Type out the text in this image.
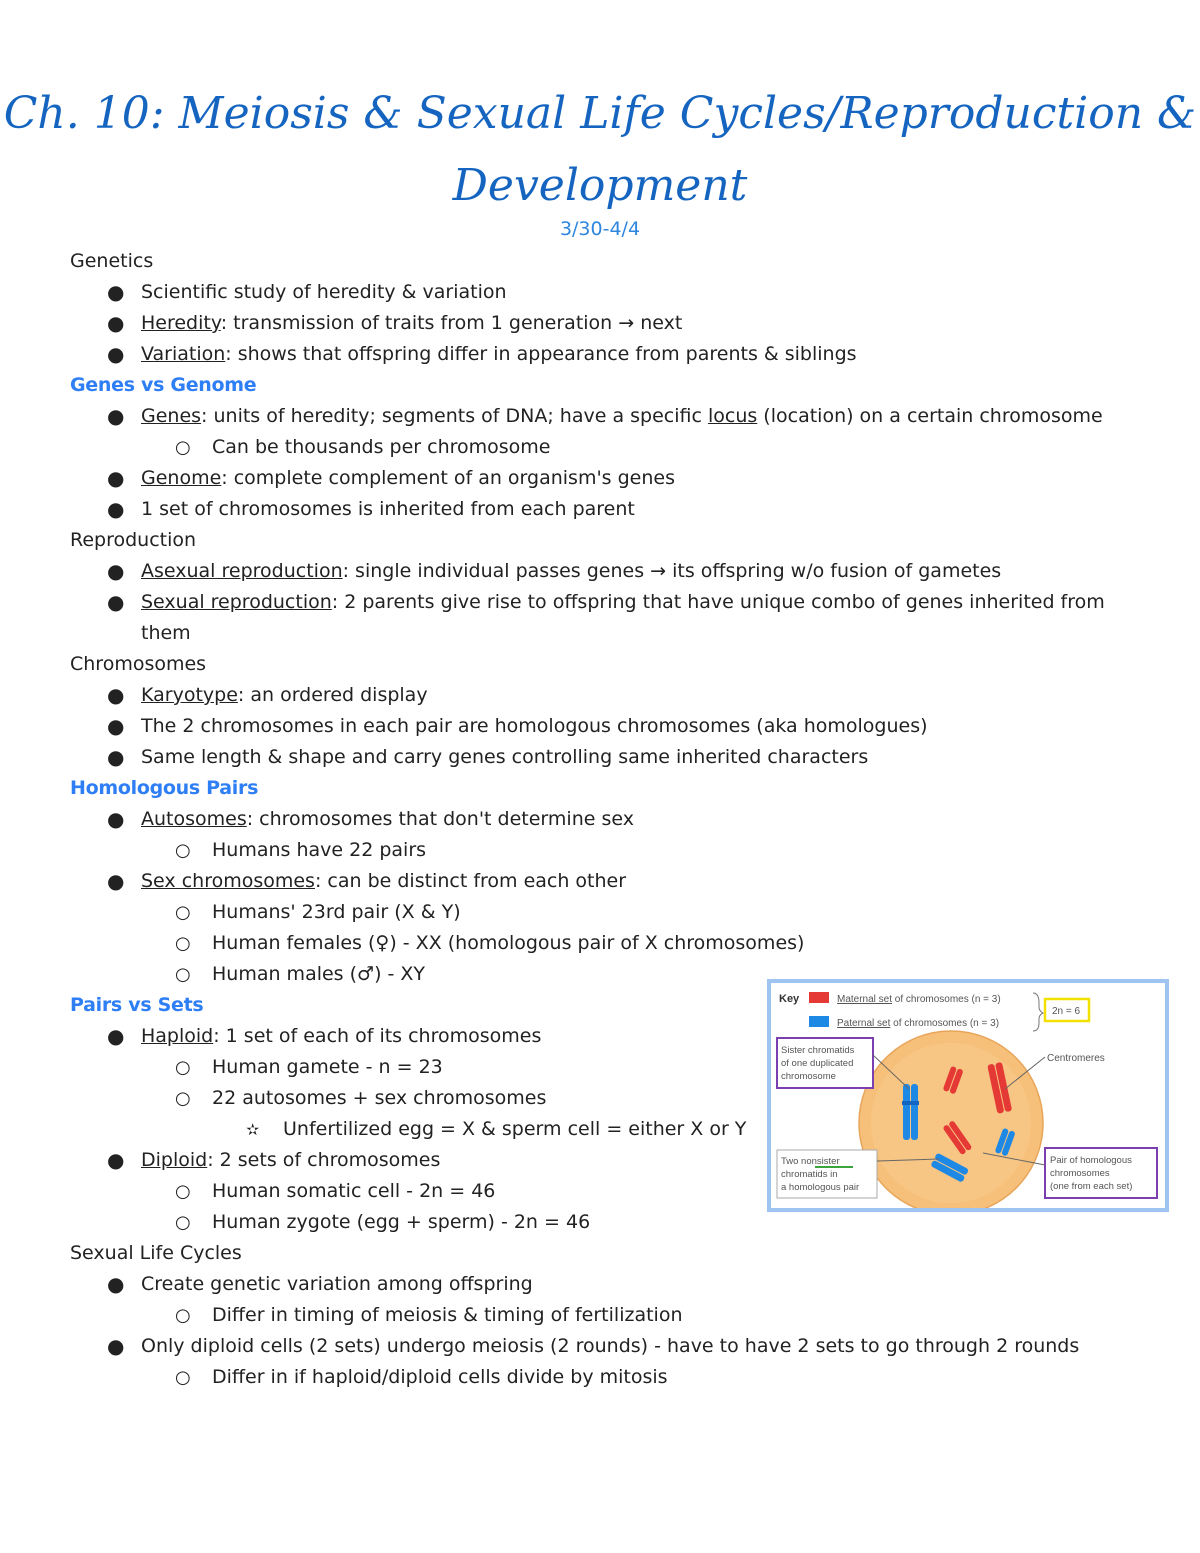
Ch. 10: Meiosis & Sexual Life Cycles/Reproduction &
Development
3/30-4/4
Genetics
● Scientific study of heredity & variation
● Heredity: transmission of traits from 1 generation → next
● Variation: shows that offspring differ in appearance from parents & siblings
Genes vs Genome
● Genes: units of heredity; segments of DNA; have a specific locus (location) on a certain chromosome
○ Can be thousands per chromosome
● Genome: complete complement of an organism's genes
● 1 set of chromosomes is inherited from each parent
Reproduction
● Asexual reproduction: single individual passes genes → its offspring w/o fusion of gametes
● Sexual reproduction: 2 parents give rise to offspring that have unique combo of genes inherited from them
Chromosomes
● Karyotype: an ordered display
● The 2 chromosomes in each pair are homologous chromosomes (aka homologues)
● Same length & shape and carry genes controlling same inherited characters
Homologous Pairs
● Autosomes: chromosomes that don't determine sex
○ Humans have 22 pairs
● Sex chromosomes: can be distinct from each other
○ Humans' 23rd pair (X & Y)
○ Human females (♀) - XX (homologous pair of X chromosomes)
○ Human males (♂) - XY
Pairs vs Sets
● Haploid: 1 set of each of its chromosomes
○ Human gamete - n = 23
○ 22 autosomes + sex chromosomes
✫ Unfertilized egg = X & sperm cell = either X or Y
● Diploid: 2 sets of chromosomes
○ Human somatic cell - 2n = 46
○ Human zygote (egg + sperm) - 2n = 46
Sexual Life Cycles
● Create genetic variation among offspring
○ Differ in timing of meiosis & timing of fertilization
● Only diploid cells (2 sets) undergo meiosis (2 rounds) - have to have 2 sets to go through 2 rounds
○ Differ in if haploid/diploid cells divide by mitosis
Key	Maternal set of chromosomes (n = 3)
Paternal set of chromosomes (n = 3)
2n = 6
Sister chromatids
of one duplicated
chromosome
Centromeres
Two nonsister
chromatids in
a homologous pair
Pair of homologous
chromosomes
(one from each set)
